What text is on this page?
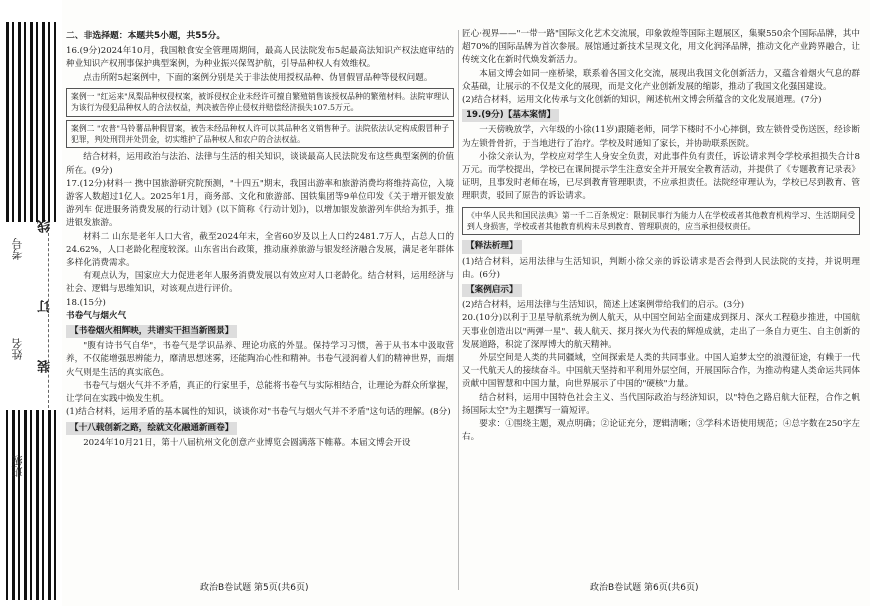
考号
线
姓名
订
装
班级
二、非选择题：本题共5小题，共55分。

16.(9分)2024年10月，我国粮食安全管理周期间，最高人民法院发布5起最高法知识产权法庭审结的种业知识产权刑事保护典型案例，为种业振兴保驾护航，引导品种权人有效维权。

点击所附5起案例中，下面的案例分别是关于非法使用授权品种、伪冒假冒品种等侵权问题。

案例一 "红运来"凤梨品种权侵权案，被诉侵权企业未经许可擅自繁殖销售该授权品种的繁殖材料。法院审理认为该行为侵犯品种权人的合法权益，判决被告停止侵权并赔偿经济损失107.5万元。

案例二 "农普"马铃薯品种假冒案，被告未经品种权人许可以其品种名义销售种子。法院依法认定构成假冒种子犯罪，判处刑罚并处罚金，切实维护了品种权人和农户的合法权益。

结合材料，运用政治与法治、法律与生活的相关知识，谈谈最高人民法院发布这些典型案例的价值所在。(9分)

17.(12分)材料一 携中国旅游研究院预测，"十四五"期末，我国出游率和旅游消费均将维持高位，入境游客人数超过1亿人。2025年1月，商务部、文化和旅游部、国铁集团等9单位印发《关于增开银发旅游列车 促进服务消费发展的行动计划》(以下简称《行动计划》)，以增加银发旅游列车供给为抓手，推进银发旅游。

材料二 山东是老年人口大省，截至2024年末，全省60岁及以上人口约2481.7万人，占总人口的24.62%，人口老龄化程度较深。山东省出台政策，推动康养旅游与银发经济融合发展，满足老年群体多样化消费需求。

有观点认为，国家应大力促进老年人服务消费发展以有效应对人口老龄化。结合材料，运用经济与社会、逻辑与思维知识，对该观点进行评价。

18.(15分)

书卷气与烟火气

【书卷烟火相辉映，共谱实干担当新图景】

"腹有诗书气自华"，书卷气是学识品养、理论功底的外显。保持学习习惯，善于从书本中汲取营养，不仅能增强思辨能力，靡清思想迷雾，还能陶冶心性和精神。书卷气浸润着人们的精神世界，而烟火气则是生活的真实底色。

书卷气与烟火气并不矛盾，真正的行家里手，总能将书卷气与实际相结合，让理论为群众所掌握，让学问在实践中焕发生机。

(1)结合材料，运用矛盾的基本属性的知识，谈谈你对"书卷气与烟火气并不矛盾"这句话的理解。(8分)

【十八载创新之路，绘就文化融通新画卷】

2024年10月21日，第十八届杭州文化创意产业博览会圆满落下帷幕。本届文博会开设

政治B卷试题 第5页(共6页)

匠心·视界——"一带一路"国际文化艺术交流展，印象敦煌等国际主题展区，集聚550余个国际品牌，其中超70%的国际品牌为首次参展。展馆通过新技术呈现文化，用文化润泽品牌，推动文化产业跨界融合，让传统文化在新时代焕发新活力。

本届文博会如同一座桥梁，联系着各国文化交流，展现出我国文化创新活力，又蕴含着烟火气息的群众基础，让展示的不仅是文化的展现，而是文化产业创新发展的缩影，推动了我国文化强国建设。

(2)结合材料，运用文化传承与文化创新的知识，阐述杭州文博会所蕴含的文化发展道理。(7分)

19.(9分)【基本案情】

一天傍晚放学，六年级的小徐(11岁)跟随老师，同学下楼时不小心摔倒，致左锁骨受伤送医，经诊断为左锁骨骨折，于当地进行了治疗。学校及时通知了家长，并协助联系医院。

小徐父亲认为，学校应对学生人身安全负责，对此事件负有责任，诉讼请求判令学校承担损失合计8万元。而学校提出，学校已在课间提示学生注意安全并开展安全教育活动，并提供了《专题教育记录表》证明，且事发时老师在场，已尽到教育管理职责，不应承担责任。法院经审理认为，学校已尽到教育、管理职责，驳回了原告的诉讼请求。

《中华人民共和国民法典》第一千二百条规定：限制民事行为能力人在学校或者其他教育机构学习、生活期间受到人身损害，学校或者其他教育机构未尽到教育、管理职责的，应当承担侵权责任。

【释法析理】

(1)结合材料，运用法律与生活知识，判断小徐父亲的诉讼请求是否会得到人民法院的支持，并说明理由。(6分)

【案例启示】

(2)结合材料，运用法律与生活知识，简述上述案例带给我们的启示。(3分)

20.(10分)以利于卫星导航系统为例人航天，从中国空间站全面建成到探月、深火工程稳步推进，中国航天事业创造出以"两弹一星"、载人航天、探月探火为代表的辉煌成就，走出了一条自力更生、自主创新的发展道路，积淀了深厚博大的航天精神。

外层空间是人类的共同疆域，空间探索是人类的共同事业。中国人追梦太空的浪漫征途，有赖于一代又一代航天人的接续奋斗。中国航天坚持和平利用外层空间，开展国际合作，为推动构建人类命运共同体贡献中国智慧和中国力量，向世界展示了中国的"硬核"力量。

结合材料，运用中国特色社会主义、当代国际政治与经济知识，以"特色之路启航大征程，合作之帆扬国际太空"为主题撰写一篇短评。

要求：①围绕主题，观点明确；②论证充分，逻辑清晰；③学科术语使用规范；④总字数在250字左右。

政治B卷试题 第6页(共6页)
